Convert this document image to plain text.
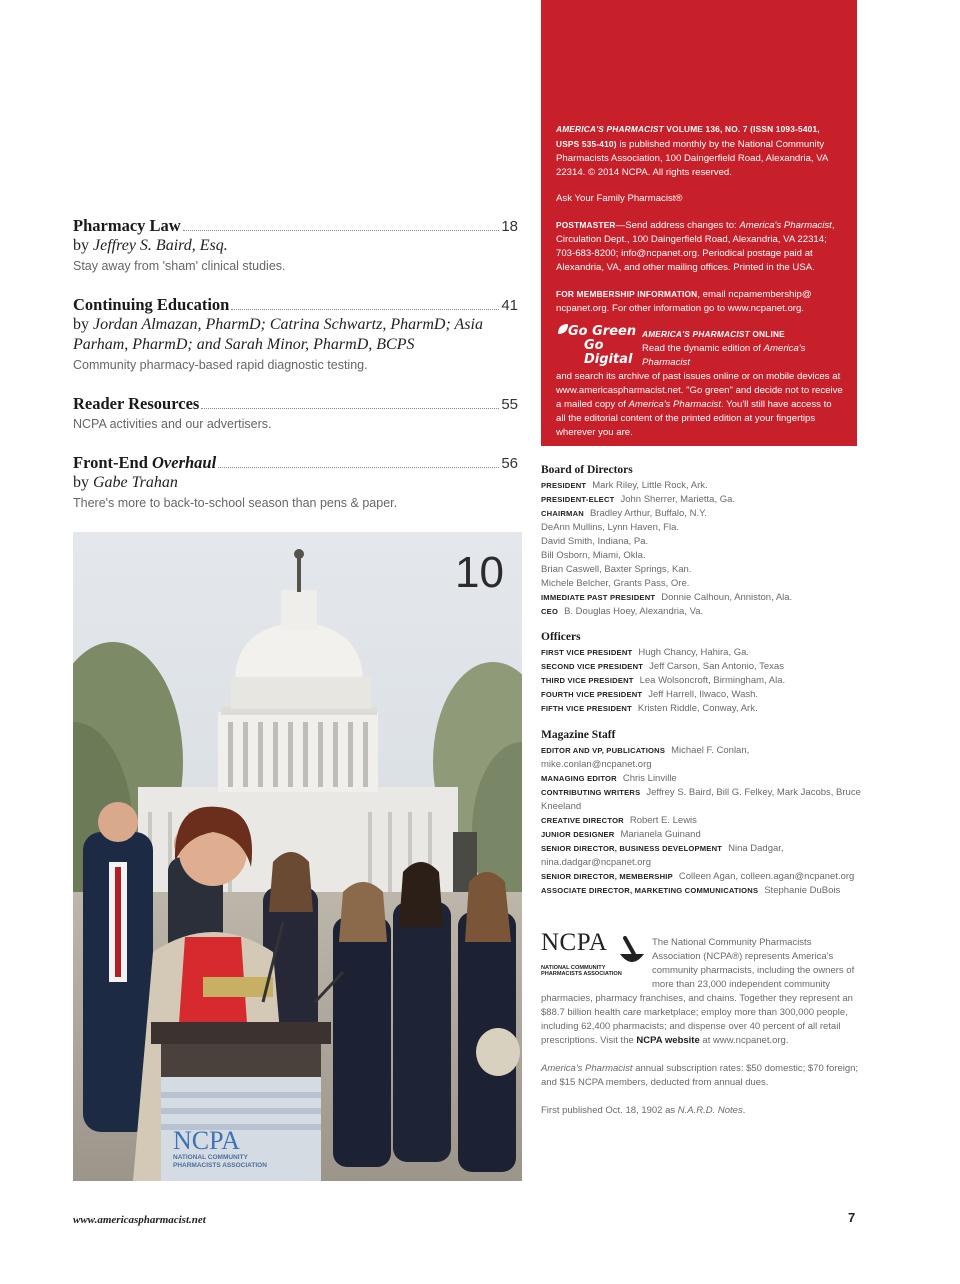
Pharmacy Law	18
by Jeffrey S. Baird, Esq.
Stay away from 'sham' clinical studies.
Continuing Education	41
by Jordan Almazan, PharmD; Catrina Schwartz, PharmD; Asia Parham, PharmD; and Sarah Minor, PharmD, BCPS
Community pharmacy-based rapid diagnostic testing.
Reader Resources	55
NCPA activities and our advertisers.
Front-End Overhaul	56
by Gabe Trahan
There's more to back-to-school season than pens & paper.
10
NCPA
NATIONAL COMMUNITY
PHARMACISTS ASSOCIATION

AMERICA'S PHARMACIST VOLUME 136, NO. 7 (ISSN 1093-5401, USPS 535-410) is published monthly by the National Community Pharmacists Association, 100 Daingerfield Road, Alexandria, VA 22314. © 2014 NCPA. All rights reserved.

Ask Your Family Pharmacist®

POSTMASTER—Send address changes to: America's Pharmacist, Circulation Dept., 100 Daingerfield Road, Alexandria, VA 22314; 703-683-8200; info@ncpanet.org. Periodical postage paid at Alexandria, VA, and other mailing offices. Printed in the USA.

FOR MEMBERSHIP INFORMATION, email ncpamembership@ ncpanet.org. For other information go to www.ncpanet.org.

Go Green
Go Digital
AMERICA'S PHARMACIST ONLINE
Read the dynamic edition of America's Pharmacist

and search its archive of past issues online or on mobile devices at www.americaspharmacist.net. "Go green" and decide not to receive a mailed copy of America's Pharmacist. You'll still have access to all the editorial content of the printed edition at your fingertips wherever you are.

Board of Directors
PRESIDENT Mark Riley, Little Rock, Ark.
PRESIDENT-ELECT John Sherrer, Marietta, Ga.
CHAIRMAN Bradley Arthur, Buffalo, N.Y.
DeAnn Mullins, Lynn Haven, Fla.
David Smith, Indiana, Pa.
Bill Osborn, Miami, Okla.
Brian Caswell, Baxter Springs, Kan.
Michele Belcher, Grants Pass, Ore.
IMMEDIATE PAST PRESIDENT Donnie Calhoun, Anniston, Ala.
CEO B. Douglas Hoey, Alexandria, Va.
Officers
FIRST VICE PRESIDENT Hugh Chancy, Hahira, Ga.
SECOND VICE PRESIDENT Jeff Carson, San Antonio, Texas
THIRD VICE PRESIDENT Lea Wolsoncroft, Birmingham, Ala.
FOURTH VICE PRESIDENT Jeff Harrell, Ilwaco, Wash.
FIFTH VICE PRESIDENT Kristen Riddle, Conway, Ark.
Magazine Staff
EDITOR AND VP, PUBLICATIONS Michael F. Conlan, mike.conlan@ncpanet.org
MANAGING EDITOR Chris Linville
CONTRIBUTING WRITERS Jeffrey S. Baird, Bill G. Felkey, Mark Jacobs, Bruce Kneeland
CREATIVE DIRECTOR Robert E. Lewis
JUNIOR DESIGNER Marianela Guinand
SENIOR DIRECTOR, BUSINESS DEVELOPMENT Nina Dadgar, nina.dadgar@ncpanet.org
SENIOR DIRECTOR, MEMBERSHIP Colleen Agan, colleen.agan@ncpanet.org
ASSOCIATE DIRECTOR, MARKETING COMMUNICATIONS Stephanie DuBois
NCPA
NATIONAL COMMUNITY
PHARMACISTS ASSOCIATION

The National Community Pharmacists Association (NCPA®) represents America's community pharmacists, including the owners of more than 23,000 independent community pharmacies, pharmacy franchises, and chains. Together they represent an $88.7 billion health care marketplace; employ more than 300,000 people, including 62,400 pharmacists; and dispense over 40 percent of all retail prescriptions. Visit the NCPA website at www.ncpanet.org.

America's Pharmacist annual subscription rates: $50 domestic; $70 foreign; and $15 NCPA members, deducted from annual dues.

First published Oct. 18, 1902 as N.A.R.D. Notes.

www.americaspharmacist.net	7
